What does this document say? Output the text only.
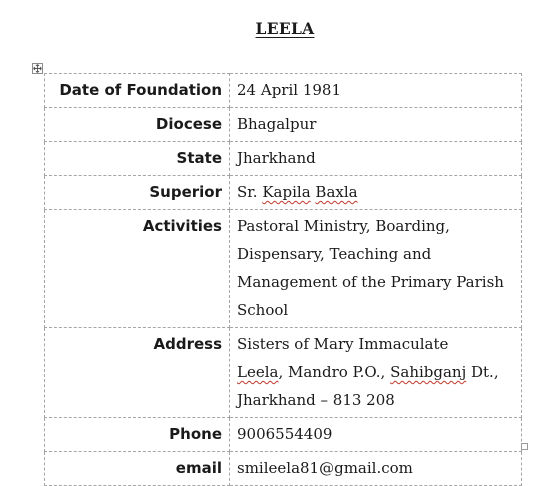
LEELA
Date of Foundation	24 April 1981

Diocese	Bhagalpur

State	Jharkhand

Superior	Sr. Kapila Baxla

Activities	Pastoral Ministry, Boarding,
Dispensary, Teaching and
Management of the Primary Parish
School

Address	Sisters of Mary Immaculate
Leela, Mandro P.O., Sahibganj Dt.,
Jharkhand – 813 208

Phone	9006554409

email	smileela81@gmail.com
